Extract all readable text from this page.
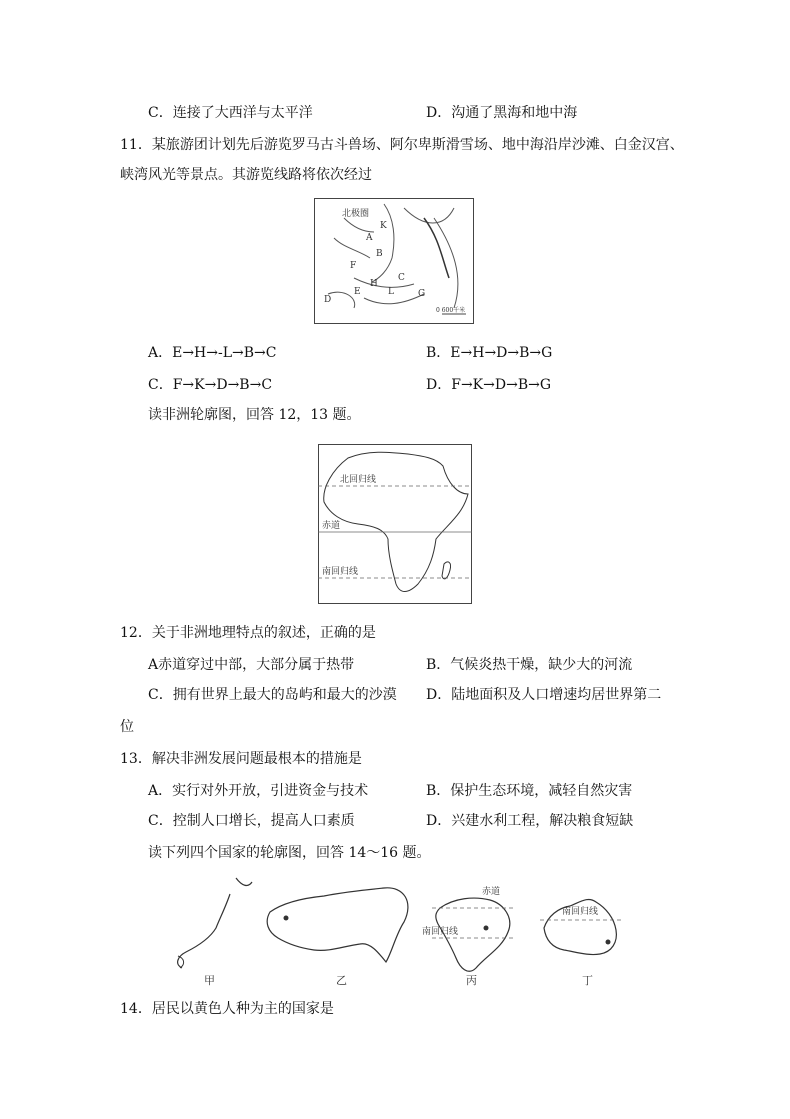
C．连接了大西洋与太平洋	D．沟通了黑海和地中海
11．某旅游团计划先后游览罗马古斗兽场、阿尔卑斯滑雪场、地中海沿岸沙滩、白金汉宫、
峡湾风光等景点。其游览线路将依次经过
北极圈
A
B
C
D
E
F
G
H
K
L
0 600千米
A．E→H→-L→B→C	B．E→H→D→B→G
C．F→K→D→B→C	D．F→K→D→B→G
读非洲轮廓图，回答 12，13 题。
北回归线
赤道
南回归线
12．关于非洲地理特点的叙述，正确的是
A赤道穿过中部，大部分属于热带	B．气候炎热干燥，缺少大的河流
C．拥有世界上最大的岛屿和最大的沙漠 D．陆地面积及人口增速均居世界第二
位
13．解决非洲发展问题最根本的措施是
A．实行对外开放，引进资金与技术	B．保护生态环境，减轻自然灾害
C．控制人口增长，提高人口素质	D．兴建水利工程，解决粮食短缺
读下列四个国家的轮廓图，回答 14～16 题。
赤道
南回归线
南回归线
甲	乙	丙	丁
14．居民以黄色人种为主的国家是
